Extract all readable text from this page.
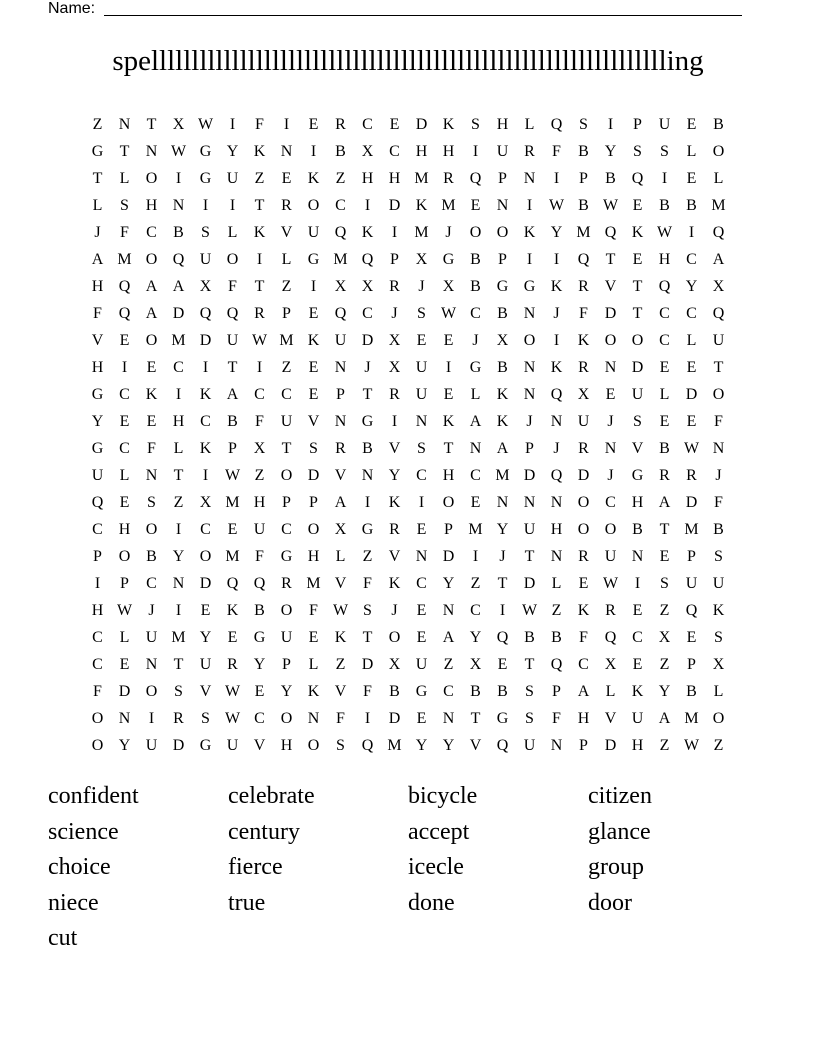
Name:
spelllllllllllllllllllllllllllllllllllllllllllllllllllllllllllllllling
Z	N	T	X W	I	F	I	E	R	C	E	D K	S	H	L	Q	S	I	P	U	E	B
G	T	N W G Y K N	I	B X C H H	I	U R	F	B Y	S	S	L	O
T	L	O	I	G U	Z	E	K	Z	H H M R Q	P	N	I	P	B Q	I	E	L
L	S	H N	I	I	T	R O C	I	D K M E	N	I	W B W E	B	B M
J	F	C	B	S	L	K V U Q K	I	M	J	O O K Y M Q K W	I	Q
A M O Q U O	I	L	G M Q	P	X G B	P	I	I	Q	T	E	H C A
H Q A A X	F	T	Z	I	X X R	J	X B G G K R V	T	Q Y X
F	Q A D Q Q R	P	E	Q C	J	S W C	B N	J	F	D	T	C	C Q
V	E	O M D U W M K U D X	E	E	J	X O	I	K O O C	L	U
H	I	E	C	I	T	I	Z	E	N	J	X U	I	G B N K R N D	E	E	T
G C K	I	K A C	C	E	P	T	R U	E	L	K N Q X	E	U	L	D O
Y	E	E	H C	B	F	U V N G	I	N K A K	J	N U	J	S	E	E	F
G C	F	L	K	P	X	T	S	R	B V	S	T	N A	P	J	R N V B W N
U	L	N	T	I	W Z	O D V N Y C H C M D Q D	J	G R	R	J
Q	E	S	Z	X M H	P	P	A	I	K	I	O	E	N N N O C H A D	F
C H O	I	C	E	U C O X G R	E	P M Y U H O O B	T M B
P	O B Y O M F	G H	L	Z	V N D	I	J	T	N R U N	E	P	S
I	P	C N D Q Q R M V	F	K C Y	Z	T	D	L	E W	I	S	U U
H W	J	I	E	K B O	F W S	J	E	N C	I	W Z	K R	E	Z	Q K
C	L	U M Y	E	G U	E	K	T	O	E	A Y Q B	B	F	Q C X	E	S
C	E	N	T	U R Y	P	L	Z	D X U	Z	X	E	T	Q C X	E	Z	P	X
F	D O	S	V W E	Y K V	F	B G C	B	B	S	P	A	L	K Y B	L
O N	I	R	S W C O N	F	I	D	E	N	T	G	S	F	H V U A M O
O Y U D G U V H O	S	Q M Y Y V Q U N	P	D H	Z W Z
confident	celebrate	bicycle	citizen
science	century	accept	glance
choice	fierce	icecle	group
niece	true	done	door
cut
